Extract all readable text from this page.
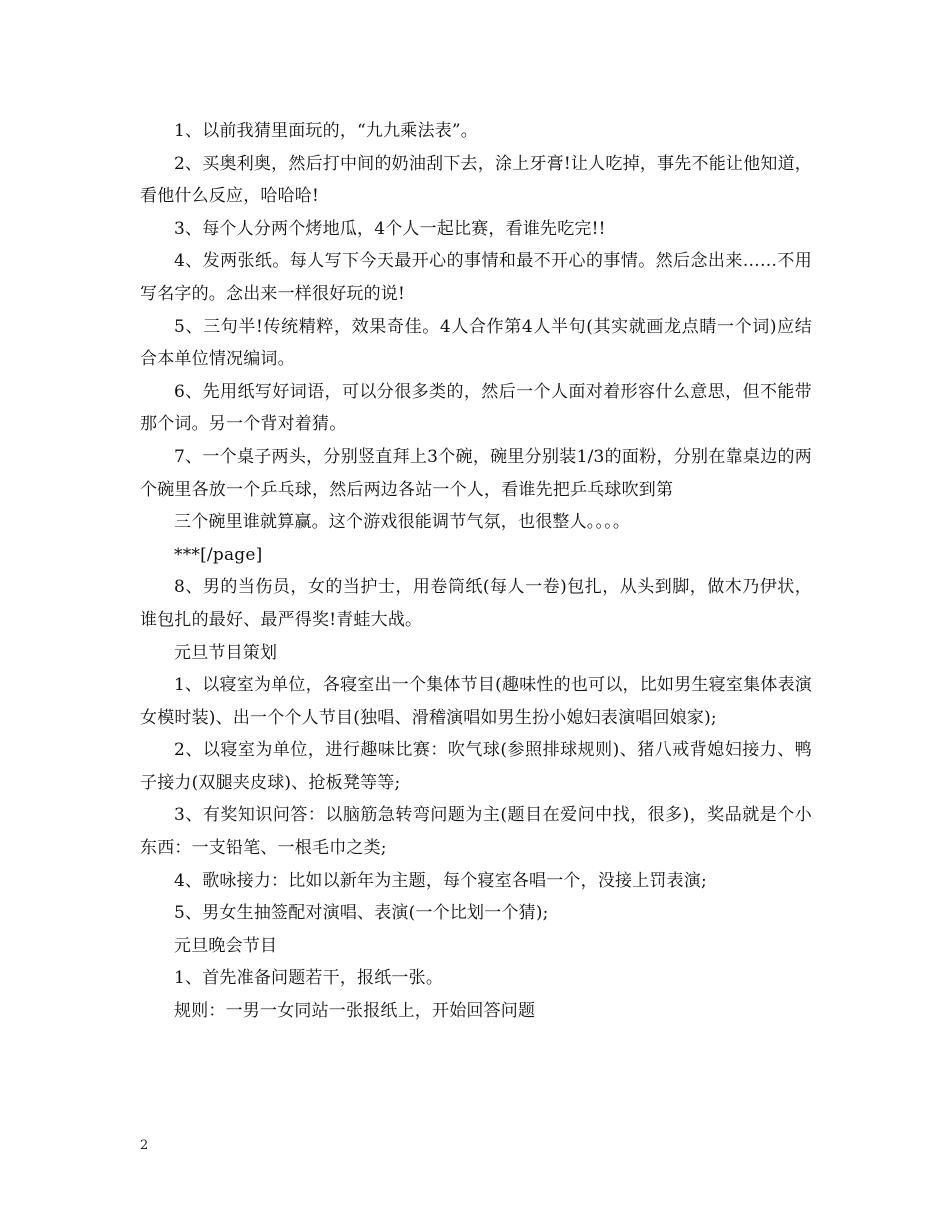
1、以前我猜里面玩的，“九九乘法表”。

2、买奥利奥，然后打中间的奶油刮下去，涂上牙膏!让人吃掉，事先不能让他知道，看他什么反应，哈哈哈!

3、每个人分两个烤地瓜，4个人一起比赛，看谁先吃完!!

4、发两张纸。每人写下今天最开心的事情和最不开心的事情。然后念出来……不用写名字的。念出来一样很好玩的说!

5、三句半!传统精粹，效果奇佳。4人合作第4人半句(其实就画龙点睛一个词)应结合本单位情况编词。

6、先用纸写好词语，可以分很多类的，然后一个人面对着形容什么意思，但不能带那个词。另一个背对着猜。

7、一个桌子两头，分别竖直拜上3个碗，碗里分别装1/3的面粉，分别在靠桌边的两个碗里各放一个乒乓球，然后两边各站一个人，看谁先把乒乓球吹到第

三个碗里谁就算赢。这个游戏很能调节气氛，也很整人。。。。

***[/page]

8、男的当伤员，女的当护士，用卷筒纸(每人一卷)包扎，从头到脚，做木乃伊状，谁包扎的最好、最严得奖!青蛙大战。

元旦节目策划

1、以寝室为单位，各寝室出一个集体节目(趣味性的也可以，比如男生寝室集体表演女模时装)、出一个个人节目(独唱、滑稽演唱如男生扮小媳妇表演唱回娘家);

2、以寝室为单位，进行趣味比赛：吹气球(参照排球规则)、猪八戒背媳妇接力、鸭子接力(双腿夹皮球)、抢板凳等等;

3、有奖知识问答：以脑筋急转弯问题为主(题目在爱问中找，很多)，奖品就是个小东西：一支铅笔、一根毛巾之类;

4、歌咏接力：比如以新年为主题，每个寝室各唱一个，没接上罚表演;

5、男女生抽签配对演唱、表演(一个比划一个猜);

元旦晚会节目

1、首先准备问题若干，报纸一张。

规则：一男一女同站一张报纸上，开始回答问题

2
